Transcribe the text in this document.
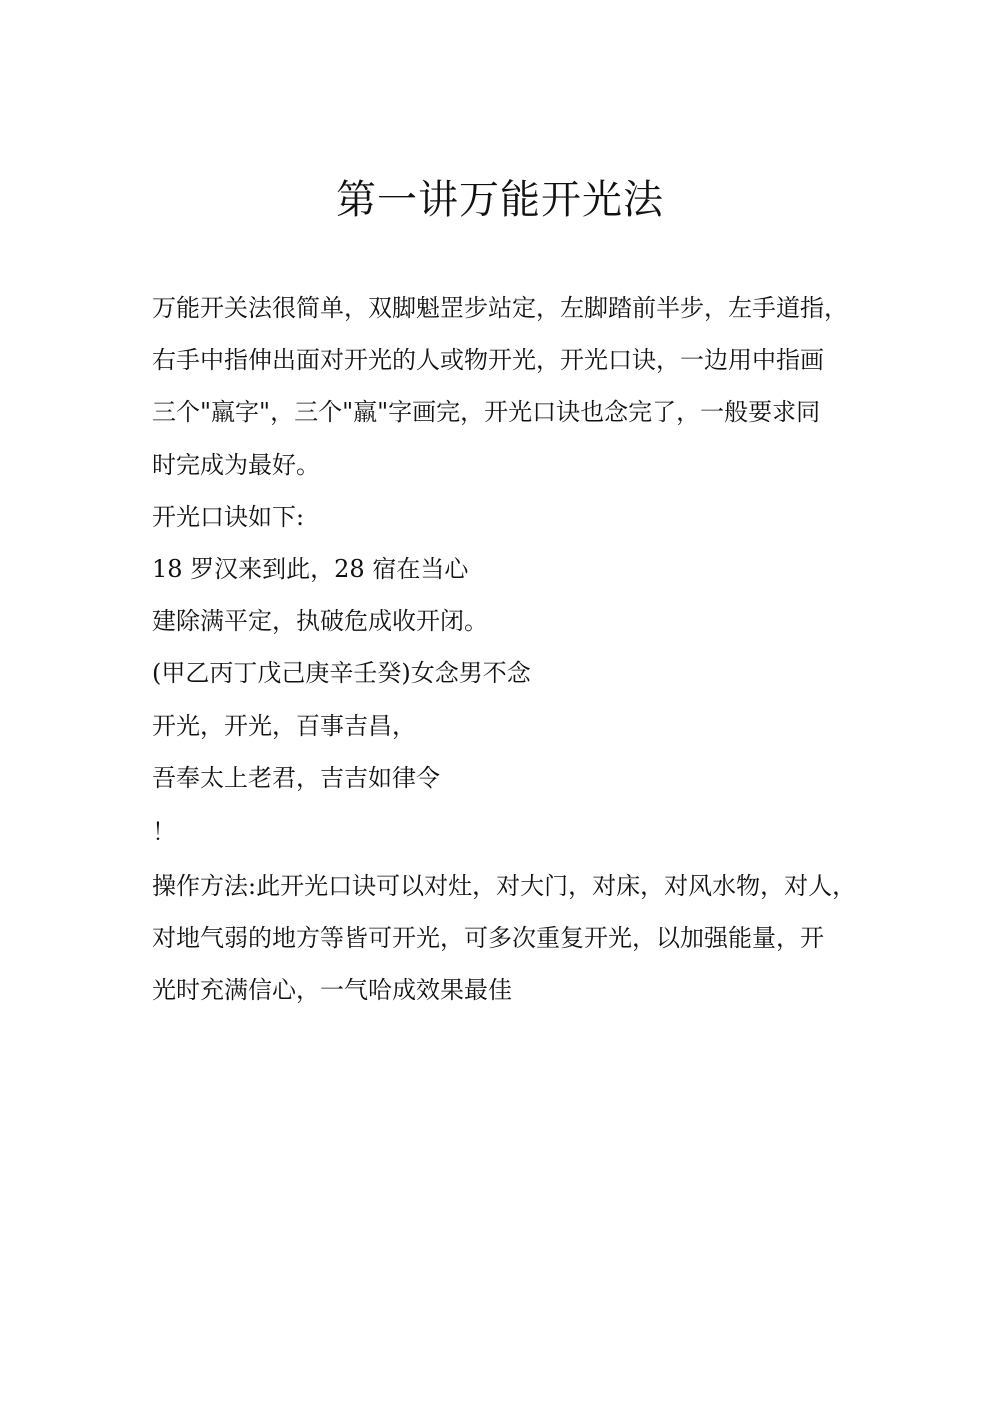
第一讲万能开光法
万能开关法很简单，双脚魁罡步站定，左脚踏前半步，左手道指，
右手中指伸出面对开光的人或物开光，开光口诀，一边用中指画
三个"羸字"，三个"羸"字画完，开光口诀也念完了，一般要求同
时完成为最好。
开光口诀如下:
18 罗汉来到此，28 宿在当心
建除满平定，执破危成收开闭。
(甲乙丙丁戊己庚辛壬癸)女念男不念
开光，开光，百事吉昌，
吾奉太上老君，吉吉如律令
！
操作方法:此开光口诀可以对灶，对大门，对床，对风水物，对人，
对地气弱的地方等皆可开光，可多次重复开光，以加强能量，开
光时充满信心，一气哈成效果最佳
